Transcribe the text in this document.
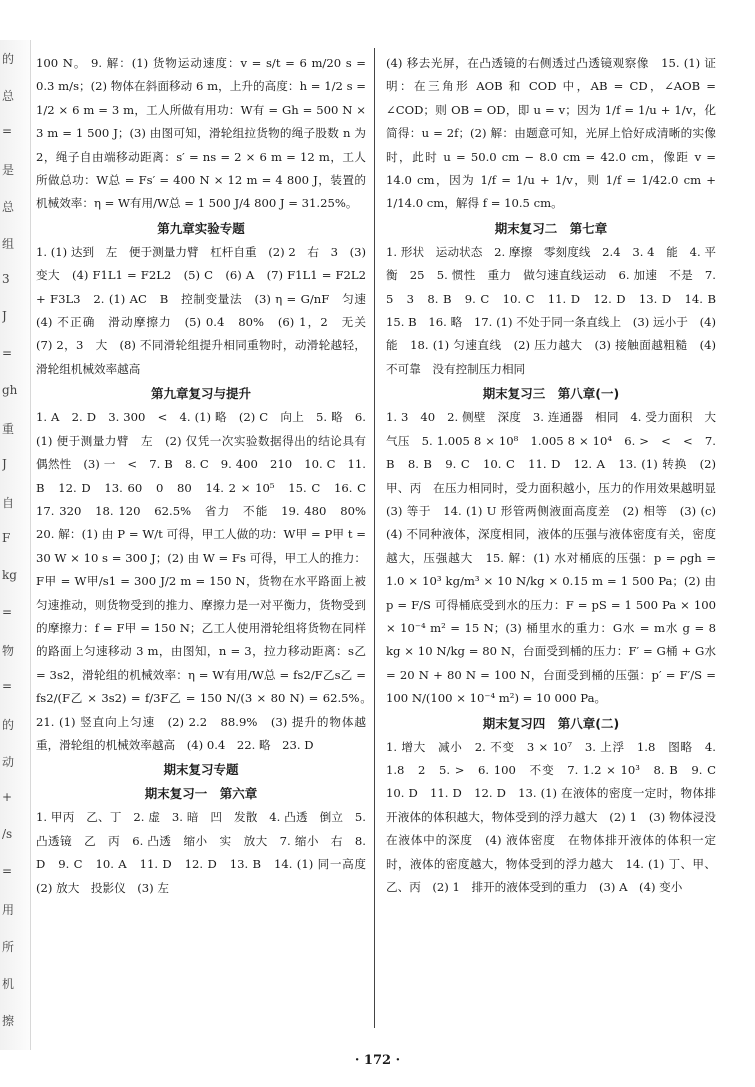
的
总
=
是
总
组
3
J
=
gh
重
J
自
F
kg
=
物
=
的
动
+
/s
=
用
所
机
擦

100 N。 9. 解：(1) 货物运动速度：v = s/t = 6 m/20 s = 0.3 m/s；(2) 物体在斜面移动 6 m，上升的高度：h = 1/2 s = 1/2 × 6 m = 3 m，工人所做有用功：W有 = Gh = 500 N × 3 m = 1 500 J；(3) 由图可知，滑轮组拉货物的绳子股数 n 为 2，绳子自由端移动距离：s′ = ns = 2 × 6 m = 12 m，工人所做总功：W总 = Fs′ = 400 N × 12 m = 4 800 J，装置的机械效率：η = W有用/W总 = 1 500 J/4 800 J = 31.25%。

第九章实验专题

1. (1) 达到　左　便于测量力臂　杠杆自重　(2) 2　右　3　(3) 变大　(4) F1L1 = F2L2　(5) C　(6) A　(7) F1L1 = F2L2 + F3L3　2. (1) AC　B　控制变量法　(3) η = G/nF　匀速　(4) 不正确　滑动摩擦力　(5) 0.4　80%　(6) 1，2　无关　(7) 2，3　大　(8) 不同滑轮组提升相同重物时，动滑轮越轻，滑轮组机械效率越高

第九章复习与提升

1. A　2. D　3. 300　<　4. (1) 略　(2) C　向上　5. 略　6. (1) 便于测量力臂　左　(2) 仅凭一次实验数据得出的结论具有偶然性　(3) 一　<　7. B　8. C　9. 400　210　10. C　11. B　12. D　13. 60　0　80　14. 2 × 10⁵　15. C　16. C　17. 320　18. 120　62.5%　省力　不能　19. 480　80%　20. 解：(1) 由 P = W/t 可得，甲工人做的功：W甲 = P甲 t = 30 W × 10 s = 300 J；(2) 由 W = Fs 可得，甲工人的推力：F甲 = W甲/s1 = 300 J/2 m = 150 N，货物在水平路面上被匀速推动，则货物受到的推力、摩擦力是一对平衡力，货物受到的摩擦力：f = F甲 = 150 N；乙工人使用滑轮组将货物在同样的路面上匀速移动 3 m，由图知，n = 3，拉力移动距离：s乙 = 3s2，滑轮组的机械效率：η = W有用/W总 = fs2/F乙s乙 = fs2/(F乙 × 3s2) = f/3F乙 = 150 N/(3 × 80 N) = 62.5%。　21. (1) 竖直向上匀速　(2) 2.2　88.9%　(3) 提升的物体越重，滑轮组的机械效率越高　(4) 0.4　22. 略　23. D

期末复习专题
期末复习一　第六章

1. 甲丙　乙、丁　2. 虚　3. 暗　凹　发散　4. 凸透　倒立　5. 凸透镜　乙　丙　6. 凸透　缩小　实　放大　7. 缩小　右　8. D　9. C　10. A　11. D　12. D　13. B　14. (1) 同一高度　(2) 放大　投影仪　(3) 左

(4) 移去光屏，在凸透镜的右侧透过凸透镜观察像　15. (1) 证明：在三角形 AOB 和 COD 中，AB = CD，∠AOB = ∠COD；则 OB = OD，即 u = v；因为 1/f = 1/u + 1/v，化简得：u = 2f；(2) 解：由题意可知，光屏上恰好成清晰的实像时，此时 u = 50.0 cm − 8.0 cm = 42.0 cm，像距 v = 14.0 cm，因为 1/f = 1/u + 1/v，则 1/f = 1/42.0 cm + 1/14.0 cm，解得 f = 10.5 cm。

期末复习二　第七章

1. 形状　运动状态　2. 摩擦　零刻度线　2.4　3. 4　能　4. 平衡　25　5. 惯性　重力　做匀速直线运动　6. 加速　不是　7. 5　3　8. B　9. C　10. C　11. D　12. D　13. D　14. B　15. B　16. 略　17. (1) 不处于同一条直线上　(3) 远小于　(4) 能　18. (1) 匀速直线　(2) 压力越大　(3) 接触面越粗糙　(4) 不可靠　没有控制压力相同

期末复习三　第八章(一)

1. 3　40　2. 侧壁　深度　3. 连通器　相同　4. 受力面积　大气压　5. 1.005 8 × 10⁸　1.005 8 × 10⁴　6. >　<　<　7. B　8. B　9. C　10. C　11. D　12. A　13. (1) 转换　(2) 甲、丙　在压力相同时，受力面积越小，压力的作用效果越明显　(3) 等于　14. (1) U 形管两侧液面高度差　(2) 相等　(3) (c)　(4) 不同种液体，深度相同，液体的压强与液体密度有关，密度越大，压强越大　15. 解：(1) 水对桶底的压强：p = ρgh = 1.0 × 10³ kg/m³ × 10 N/kg × 0.15 m = 1 500 Pa；(2) 由 p = F/S 可得桶底受到水的压力：F = pS = 1 500 Pa × 100 × 10⁻⁴ m² = 15 N；(3) 桶里水的重力：G水 = m水 g = 8 kg × 10 N/kg = 80 N，台面受到桶的压力：F′ = G桶 + G水 = 20 N + 80 N = 100 N，台面受到桶的压强：p′ = F′/S = 100 N/(100 × 10⁻⁴ m²) = 10 000 Pa。

期末复习四　第八章(二)

1. 增大　减小　2. 不变　3 × 10⁷　3. 上浮　1.8　图略　4. 1.8　2　5. >　6. 100　不变　7. 1.2 × 10³　8. B　9. C　10. D　11. D　12. D　13. (1) 在液体的密度一定时，物体排开液体的体积越大，物体受到的浮力越大　(2) 1　(3) 物体浸没在液体中的深度　(4) 液体密度　在物体排开液体的体积一定时，液体的密度越大，物体受到的浮力越大　14. (1) 丁、甲、乙、丙　(2) 1　排开的液体受到的重力　(3) A　(4) 变小

· 172 ·
